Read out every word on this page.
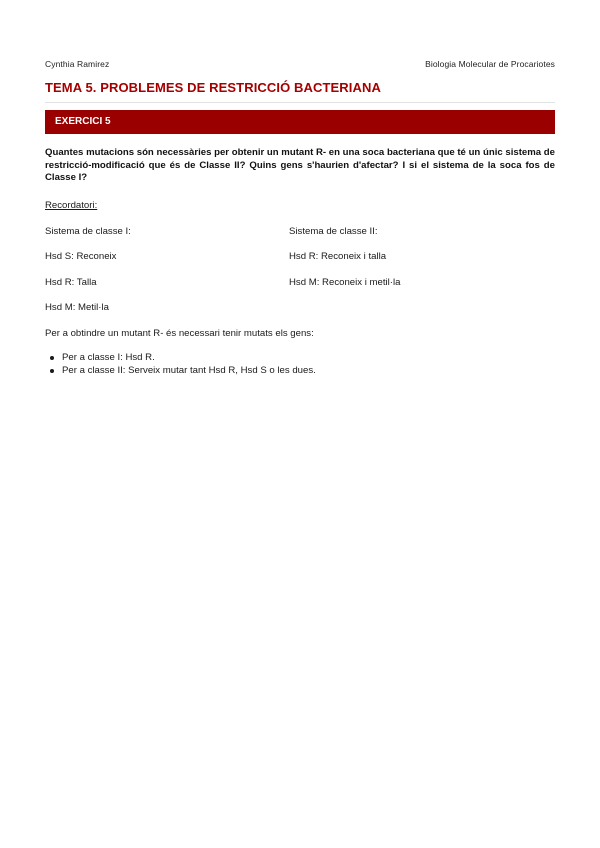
Cynthia Ramirez	Biologia Molecular de Procariotes
TEMA 5. PROBLEMES DE RESTRICCIÓ BACTERIANA
EXERCICI 5
Quantes mutacions són necessàries per obtenir un mutant R- en una soca bacteriana que té un únic sistema de restricció-modificació que és de Classe II? Quins gens s'haurien d'afectar? I si el sistema de la soca fos de Classe I?
Recordatori:
Sistema de classe I:	Sistema de classe II:
Hsd S: Reconeix	Hsd R: Reconeix i talla
Hsd R: Talla	Hsd M: Reconeix i metil·la
Hsd M: Metil·la
Per a obtindre un mutant R- és necessari tenir mutats els gens:
Per a classe I: Hsd R.
Per a classe II: Serveix mutar tant Hsd R, Hsd S o les dues.
